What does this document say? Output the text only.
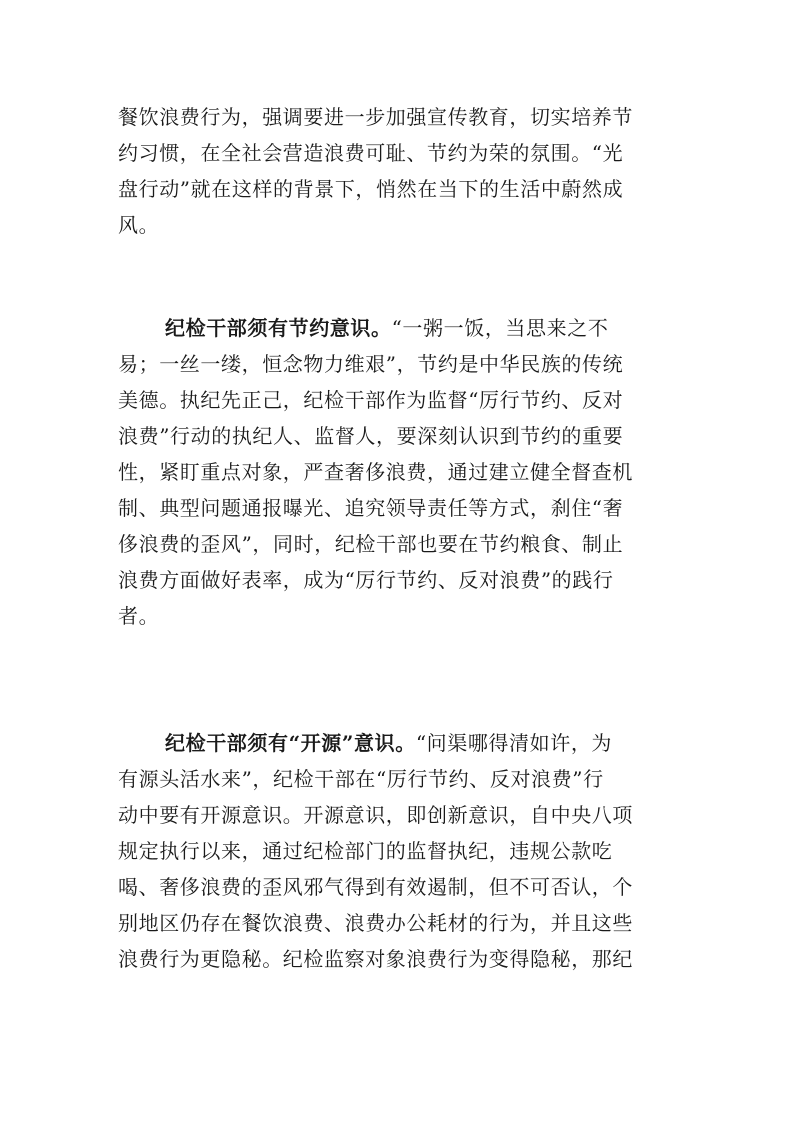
餐饮浪费行为，强调要进一步加强宣传教育，切实培养节
约习惯，在全社会营造浪费可耻、节约为荣的氛围。“光
盘行动”就在这样的背景下，悄然在当下的生活中蔚然成
风。
纪检干部须有节约意识。“一粥一饭，当思来之不
易；一丝一缕，恒念物力维艰”，节约是中华民族的传统
美德。执纪先正己，纪检干部作为监督“厉行节约、反对
浪费”行动的执纪人、监督人，要深刻认识到节约的重要
性，紧盯重点对象，严查奢侈浪费，通过建立健全督查机
制、典型问题通报曝光、追究领导责任等方式，刹住“奢
侈浪费的歪风”，同时，纪检干部也要在节约粮食、制止
浪费方面做好表率，成为“厉行节约、反对浪费”的践行
者。
纪检干部须有“开源”意识。“问渠哪得清如许，为
有源头活水来”，纪检干部在“厉行节约、反对浪费”行
动中要有开源意识。开源意识，即创新意识，自中央八项
规定执行以来，通过纪检部门的监督执纪，违规公款吃
喝、奢侈浪费的歪风邪气得到有效遏制，但不可否认，个
别地区仍存在餐饮浪费、浪费办公耗材的行为，并且这些
浪费行为更隐秘。纪检监察对象浪费行为变得隐秘，那纪
